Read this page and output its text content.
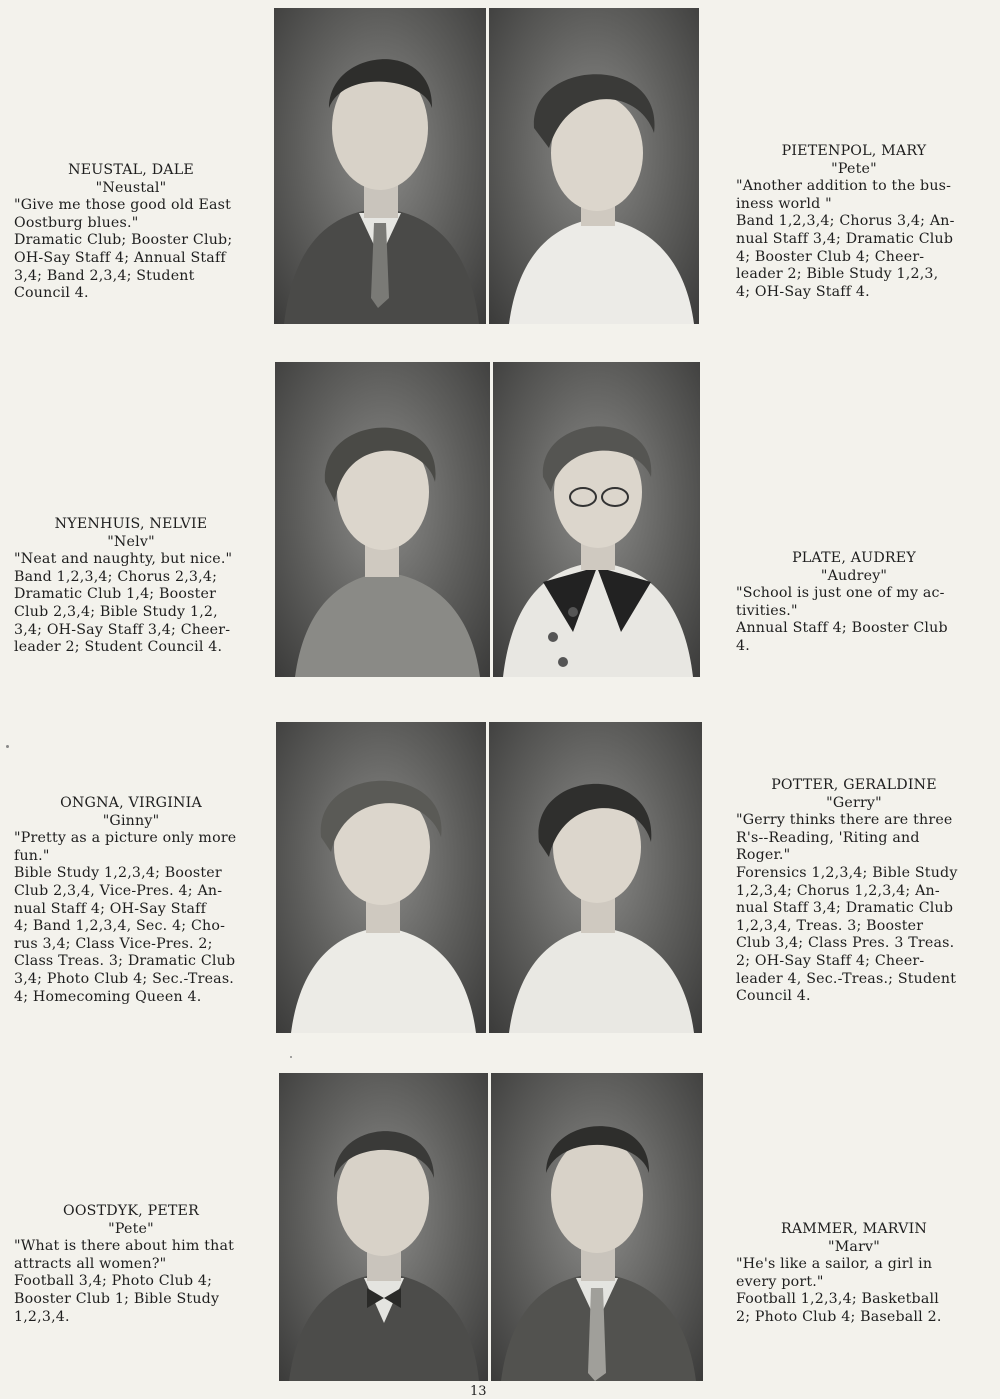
NEUSTAL, DALE
"Neustal"
"Give me those good old East
Oostburg blues."
Dramatic Club; Booster Club;
OH-Say Staff 4; Annual Staff
3,4; Band 2,3,4; Student
Council 4.
PIETENPOL, MARY
"Pete"
"Another addition to the bus-
iness world "
Band 1,2,3,4; Chorus 3,4; An-
nual Staff 3,4; Dramatic Club
4; Booster Club 4; Cheer-
leader 2; Bible Study 1,2,3,
4; OH-Say Staff 4.
NYENHUIS, NELVIE
"Nelv"
"Neat and naughty, but nice."
Band 1,2,3,4; Chorus 2,3,4;
Dramatic Club 1,4; Booster
Club 2,3,4; Bible Study 1,2,
3,4; OH-Say Staff 3,4; Cheer-
leader 2; Student Council 4.
PLATE, AUDREY
"Audrey"
"School is just one of my ac-
tivities."
Annual Staff 4; Booster Club
4.
ONGNA, VIRGINIA
"Ginny"
"Pretty as a picture only more
fun."
Bible Study 1,2,3,4; Booster
Club 2,3,4, Vice-Pres. 4; An-
nual Staff 4; OH-Say Staff
4; Band 1,2,3,4, Sec. 4; Cho-
rus 3,4; Class Vice-Pres. 2;
Class Treas. 3; Dramatic Club
3,4; Photo Club 4; Sec.-Treas.
4; Homecoming Queen 4.
POTTER, GERALDINE
"Gerry"
"Gerry thinks there are three
R's--Reading, 'Riting and
Roger."
Forensics 1,2,3,4; Bible Study
1,2,3,4; Chorus 1,2,3,4; An-
nual Staff 3,4; Dramatic Club
1,2,3,4, Treas. 3; Booster
Club 3,4; Class Pres. 3 Treas.
2; OH-Say Staff 4; Cheer-
leader 4, Sec.-Treas.; Student
Council 4.
OOSTDYK, PETER
"Pete"
"What is there about him that
attracts all women?"
Football 3,4; Photo Club 4;
Booster Club 1; Bible Study
1,2,3,4.
RAMMER, MARVIN
"Marv"
"He's like a sailor, a girl in
every port."
Football 1,2,3,4; Basketball
2; Photo Club 4; Baseball 2.
13
